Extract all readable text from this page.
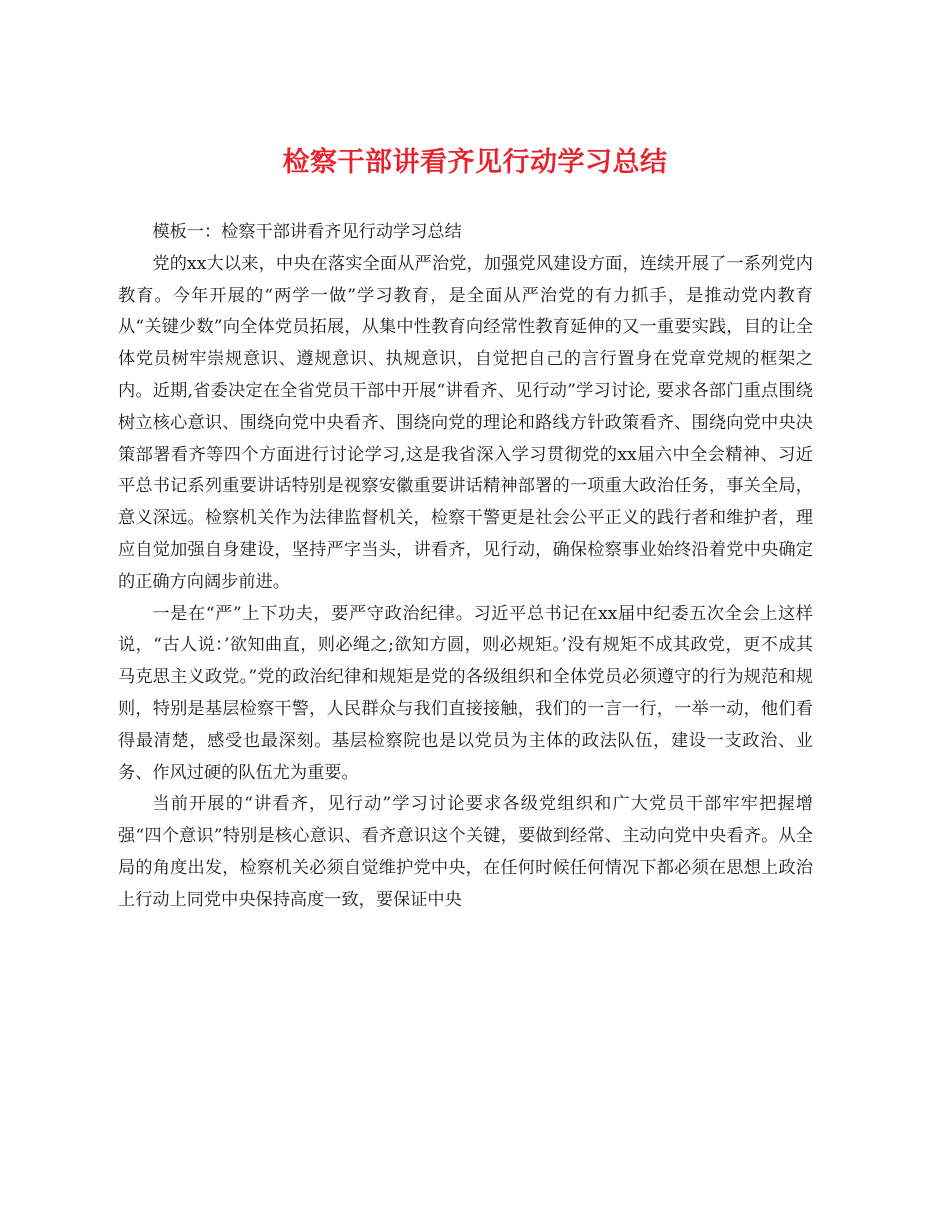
检察干部讲看齐见行动学习总结

模板一：检察干部讲看齐见行动学习总结

党的xx大以来，中央在落实全面从严治党，加强党风建设方面，连续开展了一系列党内教育。今年开展的“两学一做”学习教育，是全面从严治党的有力抓手，是推动党内教育从“关键少数”向全体党员拓展，从集中性教育向经常性教育延伸的又一重要实践，目的让全体党员树牢崇规意识、遵规意识、执规意识，自觉把自己的言行置身在党章党规的框架之内。近期,省委决定在全省党员干部中开展“讲看齐、见行动”学习讨论, 要求各部门重点围绕树立核心意识、围绕向党中央看齐、围绕向党的理论和路线方针政策看齐、围绕向党中央决策部署看齐等四个方面进行讨论学习,这是我省深入学习贯彻党的xx届六中全会精神、习近平总书记系列重要讲话特别是视察安徽重要讲话精神部署的一项重大政治任务，事关全局，意义深远。检察机关作为法律监督机关，检察干警更是社会公平正义的践行者和维护者，理应自觉加强自身建设，坚持严字当头，讲看齐，见行动，确保检察事业始终沿着党中央确定的正确方向阔步前进。

一是在“严”上下功夫，要严守政治纪律。习近平总书记在xx届中纪委五次全会上这样说，“古人说：’欲知曲直，则必绳之;欲知方圆，则必规矩。’没有规矩不成其政党，更不成其马克思主义政党。”党的政治纪律和规矩是党的各级组织和全体党员必须遵守的行为规范和规则，特别是基层检察干警，人民群众与我们直接接触，我们的一言一行，一举一动，他们看得最清楚，感受也最深刻。基层检察院也是以党员为主体的政法队伍，建设一支政治、业务、作风过硬的队伍尤为重要。

当前开展的“讲看齐，见行动”学习讨论要求各级党组织和广大党员干部牢牢把握增强“四个意识”特别是核心意识、看齐意识这个关键，要做到经常、主动向党中央看齐。从全局的角度出发，检察机关必须自觉维护党中央，在任何时候任何情况下都必须在思想上政治上行动上同党中央保持高度一致，要保证中央
